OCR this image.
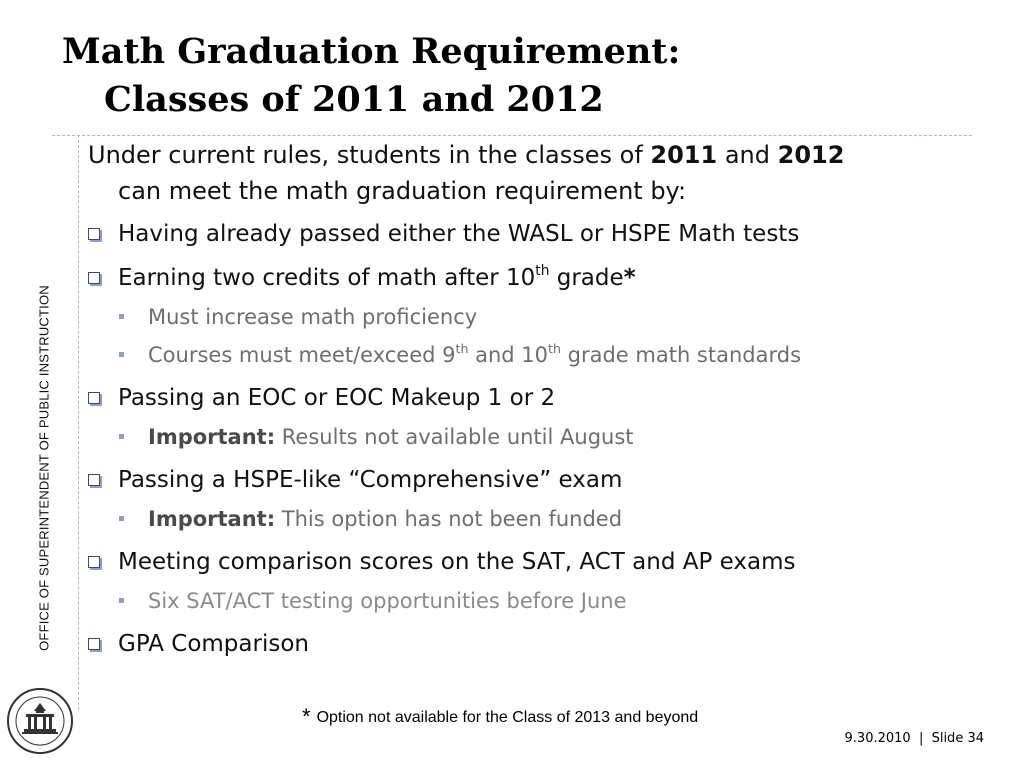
Math Graduation Requirement:
Classes of 2011 and 2012
OFFICE OF SUPERINTENDENT OF PUBLIC INSTRUCTION
Under current rules, students in the classes of 2011 and 2012
can meet the math graduation requirement by:
Having already passed either the WASL or HSPE Math tests
Earning two credits of math after 10th grade*
Must increase math proficiency
Courses must meet/exceed 9th and 10th grade math standards
Passing an EOC or EOC Makeup 1 or 2
Important: Results not available until August
Passing a HSPE-like “Comprehensive” exam
Important: This option has not been funded
Meeting comparison scores on the SAT, ACT and AP exams
Six SAT/ACT testing opportunities before June
GPA Comparison
* Option not available for the Class of 2013 and beyond
9.30.2010  |  Slide 34
